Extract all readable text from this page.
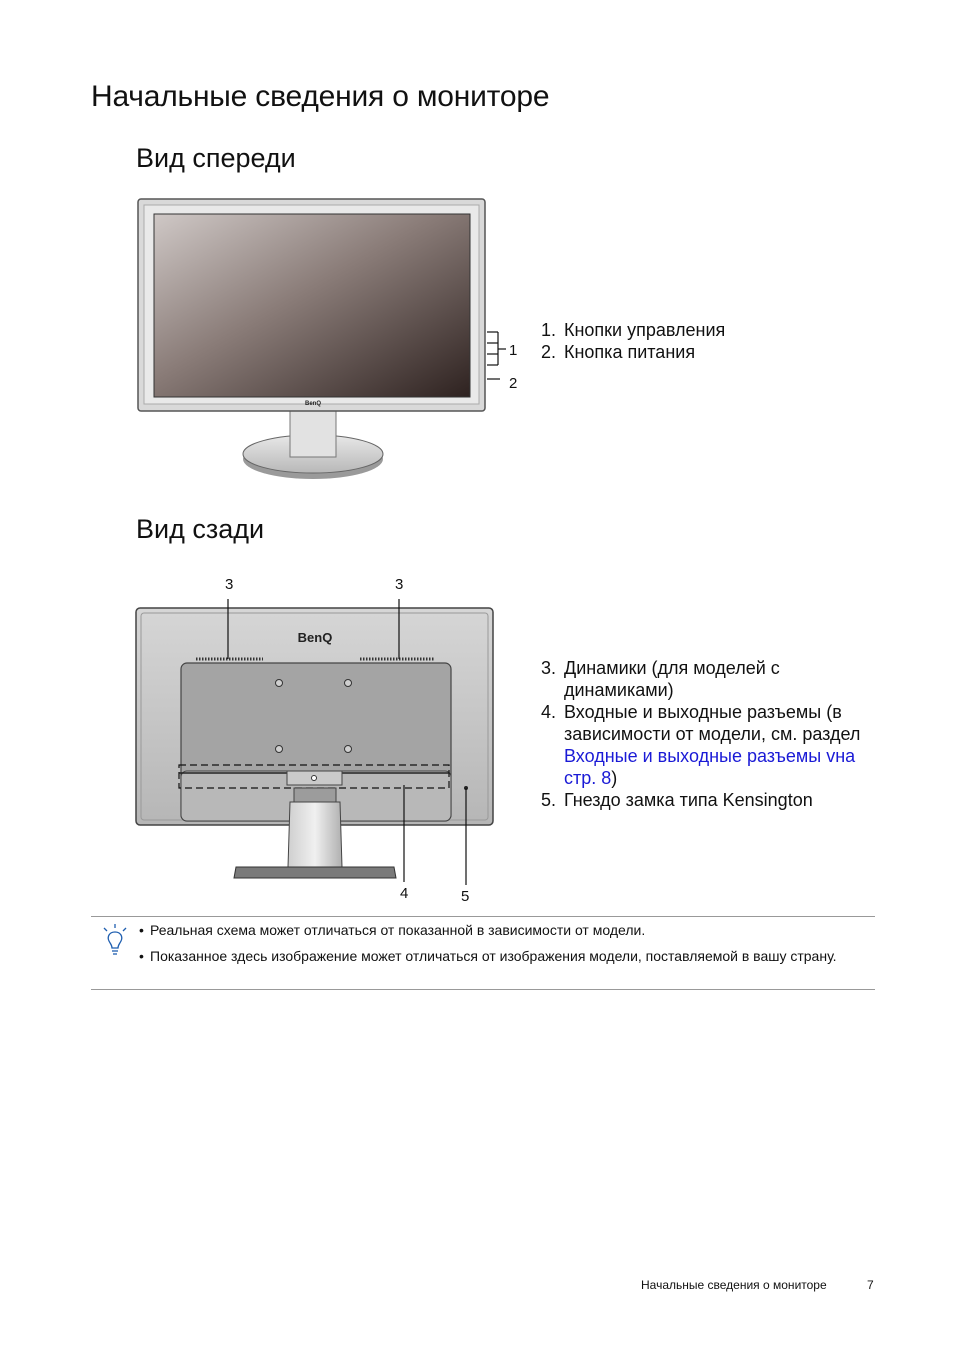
Начальные сведения о мониторе
Вид спереди
BenQ
1
2
1. Кнопки управления
2. Кнопка питания
Вид сзади
3	3
BenQ
4	5
3. Динамики (для моделей с динамиками)
4. Входные и выходные разъемы (в зависимости от модели, см. раздел Входные и выходные разъемы vна стр. 8)
5. Гнездо замка типа Kensington
• Реальная схема может отличаться от показанной в зависимости от модели.
• Показанное здесь изображение может отличаться от изображения модели, поставляемой в вашу страну.
Начальные сведения о мониторе	7
